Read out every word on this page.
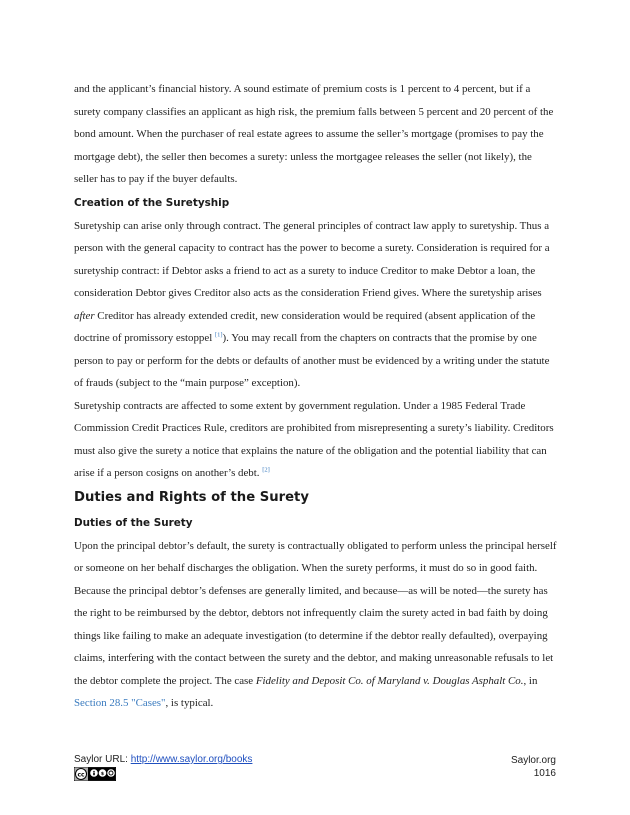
and the applicant’s financial history. A sound estimate of premium costs is 1 percent to 4 percent, but if a surety company classifies an applicant as high risk, the premium falls between 5 percent and 20 percent of the bond amount. When the purchaser of real estate agrees to assume the seller’s mortgage (promises to pay the mortgage debt), the seller then becomes a surety: unless the mortgagee releases the seller (not likely), the seller has to pay if the buyer defaults.

Creation of the Suretyship

Suretyship can arise only through contract. The general principles of contract law apply to suretyship. Thus a person with the general capacity to contract has the power to become a surety. Consideration is required for a suretyship contract: if Debtor asks a friend to act as a surety to induce Creditor to make Debtor a loan, the consideration Debtor gives Creditor also acts as the consideration Friend gives. Where the suretyship arises after Creditor has already extended credit, new consideration would be required (absent application of the doctrine of promissory estoppel [1]). You may recall from the chapters on contracts that the promise by one person to pay or perform for the debts or defaults of another must be evidenced by a writing under the statute of frauds (subject to the “main purpose” exception).

Suretyship contracts are affected to some extent by government regulation. Under a 1985 Federal Trade Commission Credit Practices Rule, creditors are prohibited from misrepresenting a surety’s liability. Creditors must also give the surety a notice that explains the nature of the obligation and the potential liability that can arise if a person cosigns on another’s debt. [2]

Duties and Rights of the Surety
Duties of the Surety

Upon the principal debtor’s default, the surety is contractually obligated to perform unless the principal herself or someone on her behalf discharges the obligation. When the surety performs, it must do so in good faith. Because the principal debtor’s defenses are generally limited, and because—as will be noted—the surety has the right to be reimbursed by the debtor, debtors not infrequently claim the surety acted in bad faith by doing things like failing to make an adequate investigation (to determine if the debtor really defaulted), overpaying claims, interfering with the contact between the surety and the debtor, and making unreasonable refusals to let the debtor complete the project. The case Fidelity and Deposit Co. of Maryland v. Douglas Asphalt Co., in Section 28.5 "Cases", is typical.

Saylor URL: http://www.saylor.org/books
cc	$
Saylor.org
1016
